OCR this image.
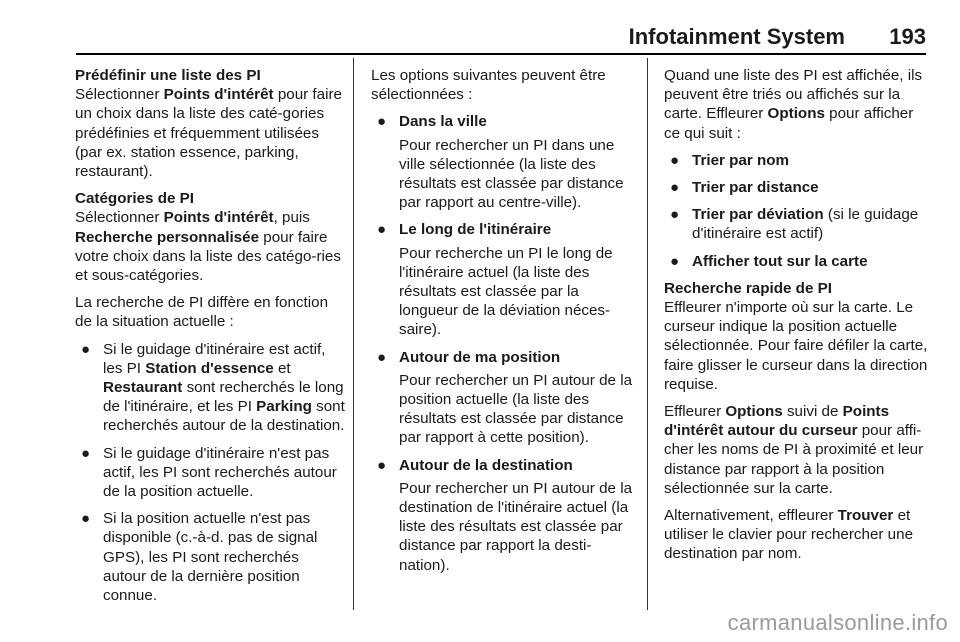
Infotainment System 193
Prédéfinir une liste des PI
Sélectionner Points d'intérêt pour faire un choix dans la liste des caté-gories prédéfinies et fréquemment utilisées (par ex. station essence, parking, restaurant).
Catégories de PI
Sélectionner Points d'intérêt, puis Recherche personnalisée pour faire votre choix dans la liste des catégo-ries et sous-catégories.

La recherche de PI diffère en fonction de la situation actuelle :

● Si le guidage d'itinéraire est actif, les PI Station d'essence et Restaurant sont recherchés le long de l'itinéraire, et les PI Parking sont recherchés autour de la destination.
● Si le guidage d'itinéraire n'est pas actif, les PI sont recherchés autour de la position actuelle.
● Si la position actuelle n'est pas disponible (c.-à-d. pas de signal GPS), les PI sont recherchés autour de la dernière position connue.

Les options suivantes peuvent être sélectionnées :

● Dans la ville
Pour rechercher un PI dans une ville sélectionnée (la liste des résultats est classée par distance par rapport au centre-ville).
● Le long de l'itinéraire
Pour recherche un PI le long de l'itinéraire actuel (la liste des résultats est classée par la longueur de la déviation néces-saire).
● Autour de ma position
Pour rechercher un PI autour de la position actuelle (la liste des résultats est classée par distance par rapport à cette position).
● Autour de la destination
Pour rechercher un PI autour de la destination de l'itinéraire actuel (la liste des résultats est classée par distance par rapport la desti-nation).

Quand une liste des PI est affichée, ils peuvent être triés ou affichés sur la carte. Effleurer Options pour afficher ce qui suit :

● Trier par nom
● Trier par distance
● Trier par déviation (si le guidage d'itinéraire est actif)
● Afficher tout sur la carte
Recherche rapide de PI
Effleurer n'importe où sur la carte. Le curseur indique la position actuelle sélectionnée. Pour faire défiler la carte, faire glisser le curseur dans la direction requise.

Effleurer Options suivi de Points d'intérêt autour du curseur pour affi-cher les noms de PI à proximité et leur distance par rapport à la position sélectionnée sur la carte.

Alternativement, effleurer Trouver et utiliser le clavier pour rechercher une destination par nom.

carmanualsonline.info
